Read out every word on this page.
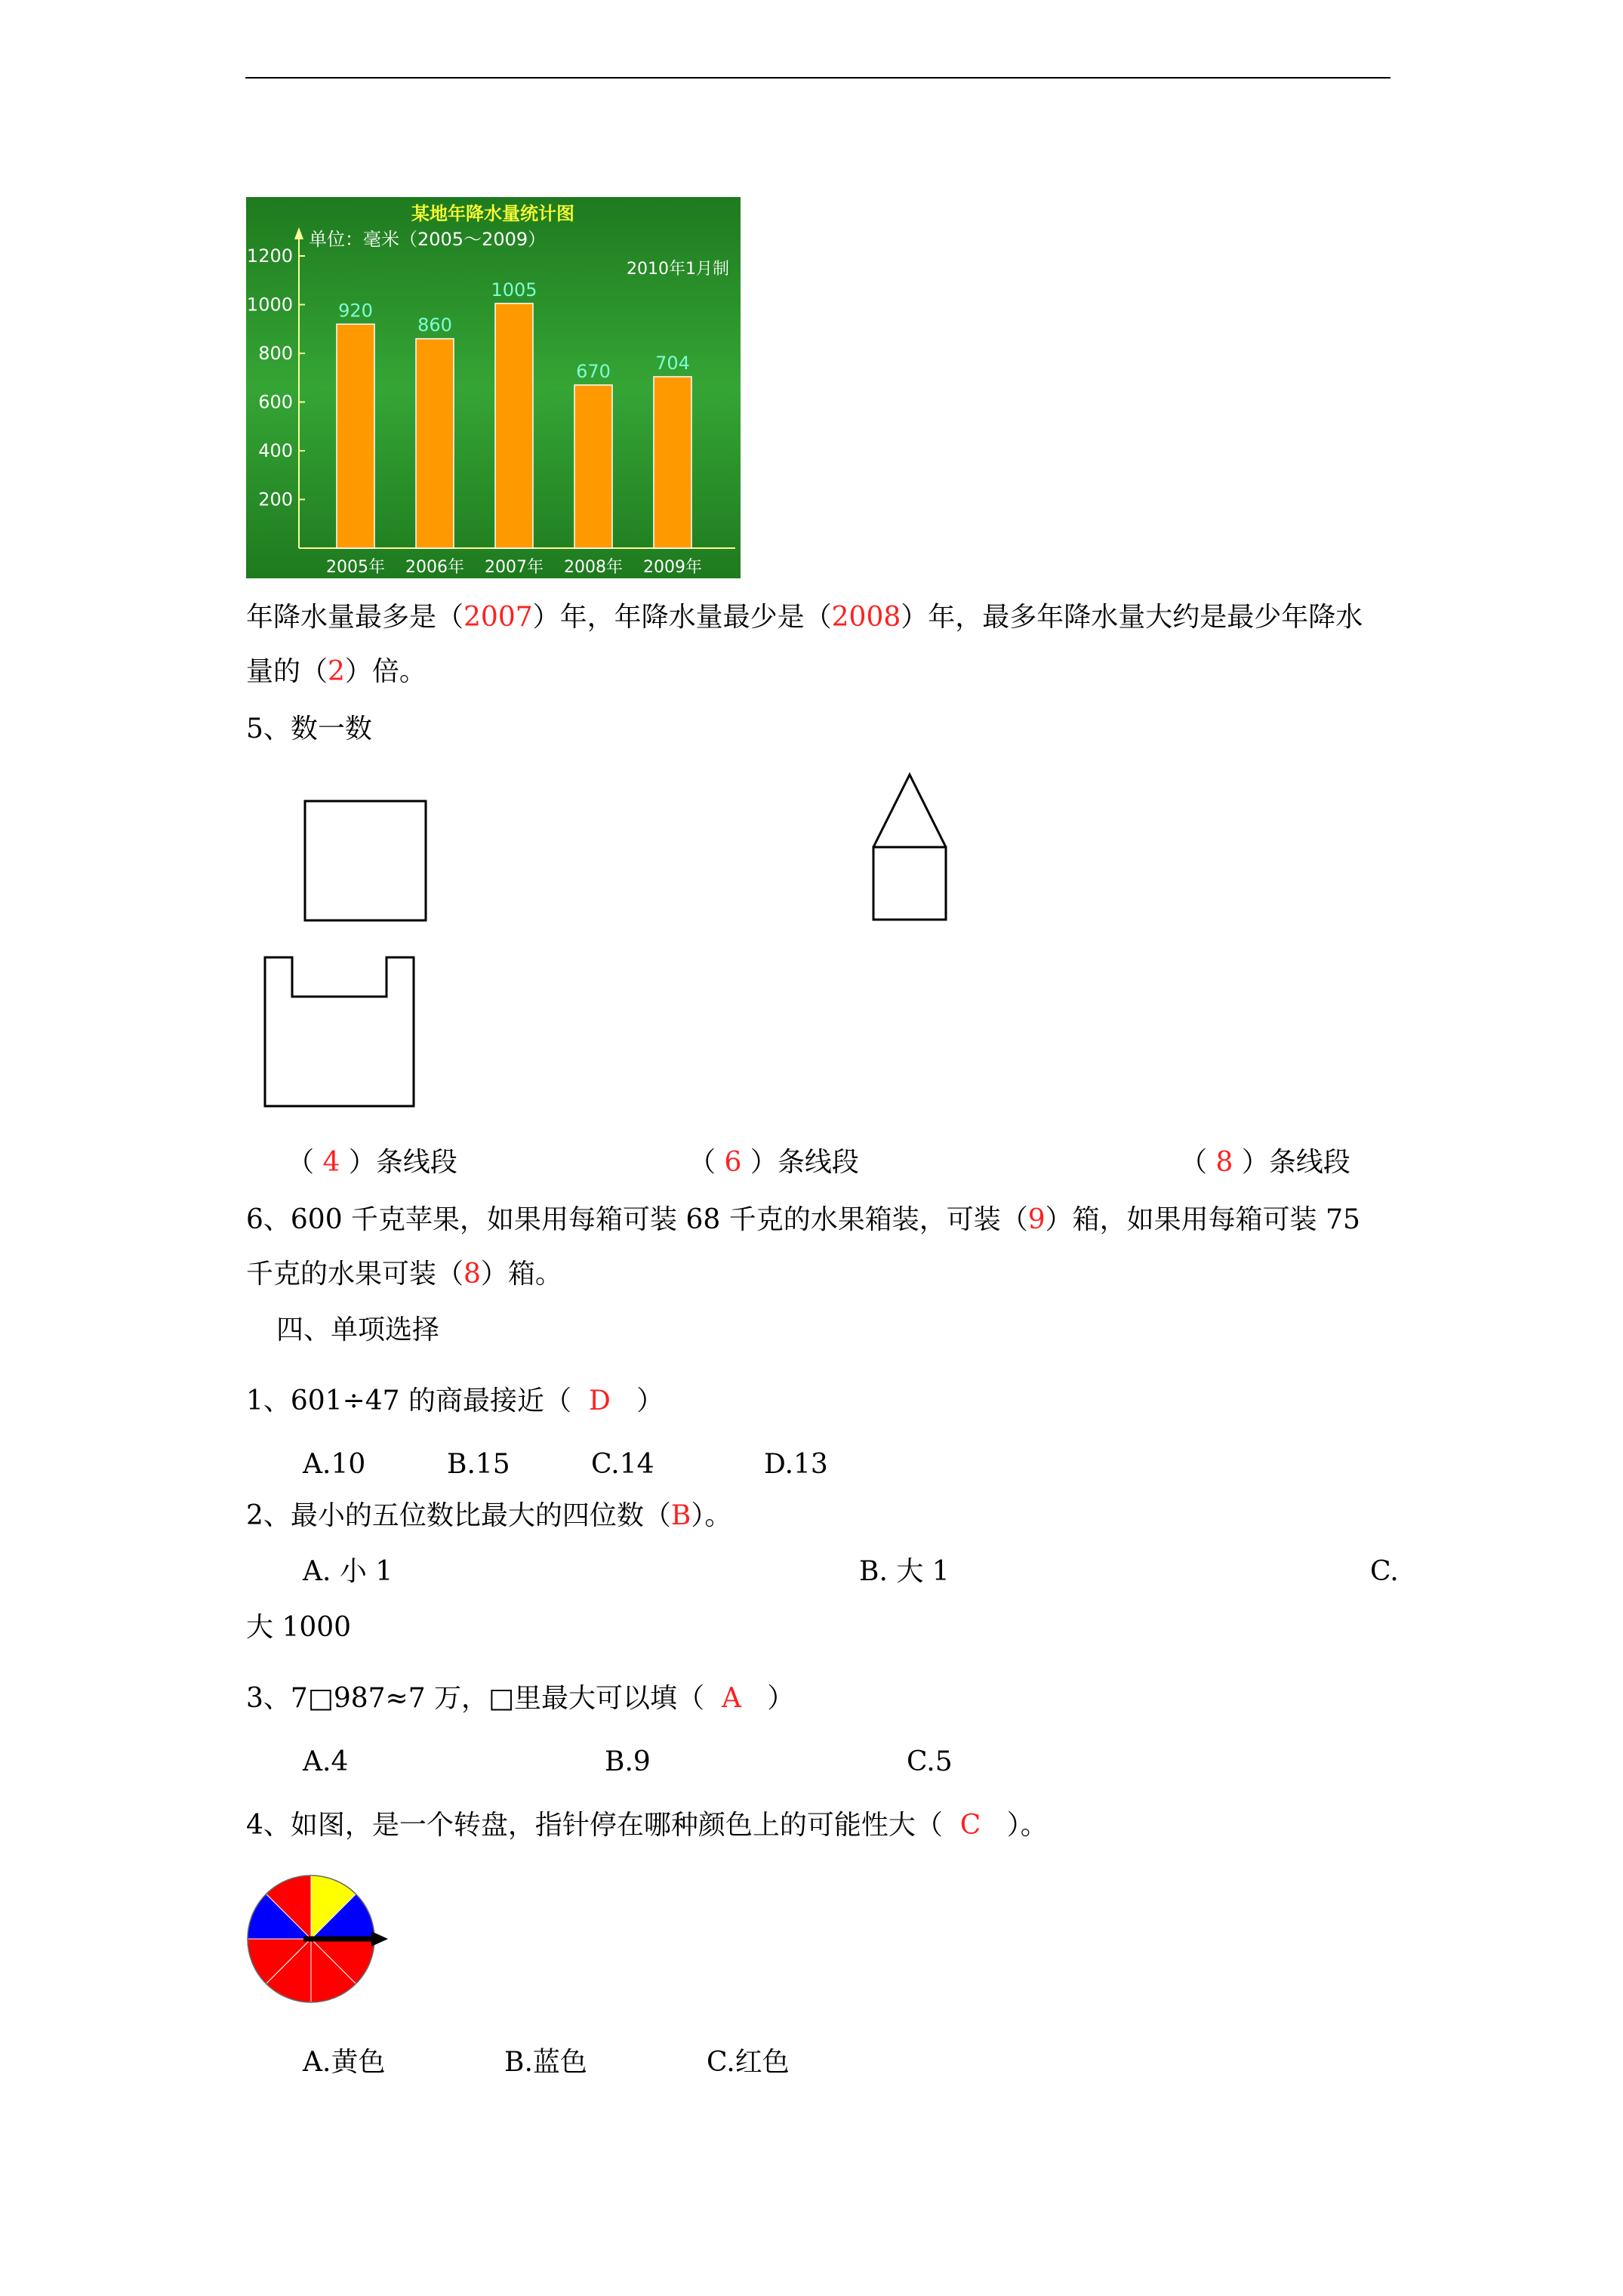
某地年降水量统计图
单位：毫米（2005～2009）
2010年1月制
200
400
600
800
1000
1200
920
860
1005
670 704
2005年 2006年 2007年 2008年 2009年
年降水量最多是（2007）年，年降水量最少是（2008）年，最多年降水量大约是最少年降水
量的（2）倍。
5、数一数
（ 4 ）条线段	（ 6 ）条线段	（ 8 ）条线段
6、600 千克苹果，如果用每箱可装 68 千克的水果箱装，可装（9）箱，如果用每箱可装 75
千克的水果可装（8）箱。
四、单项选择
1、601÷47 的商最接近（ D ）
A.10	B.15	C.14	D.13
2、最小的五位数比最大的四位数（B）。
A. 小 1	B. 大 1	C.
大 1000
3、7□987≈7 万，□里最大可以填（ A ）
A.4	B.9	C.5
4、如图，是一个转盘，指针停在哪种颜色上的可能性大（ C ）。
A.黄色	B.蓝色	C.红色
